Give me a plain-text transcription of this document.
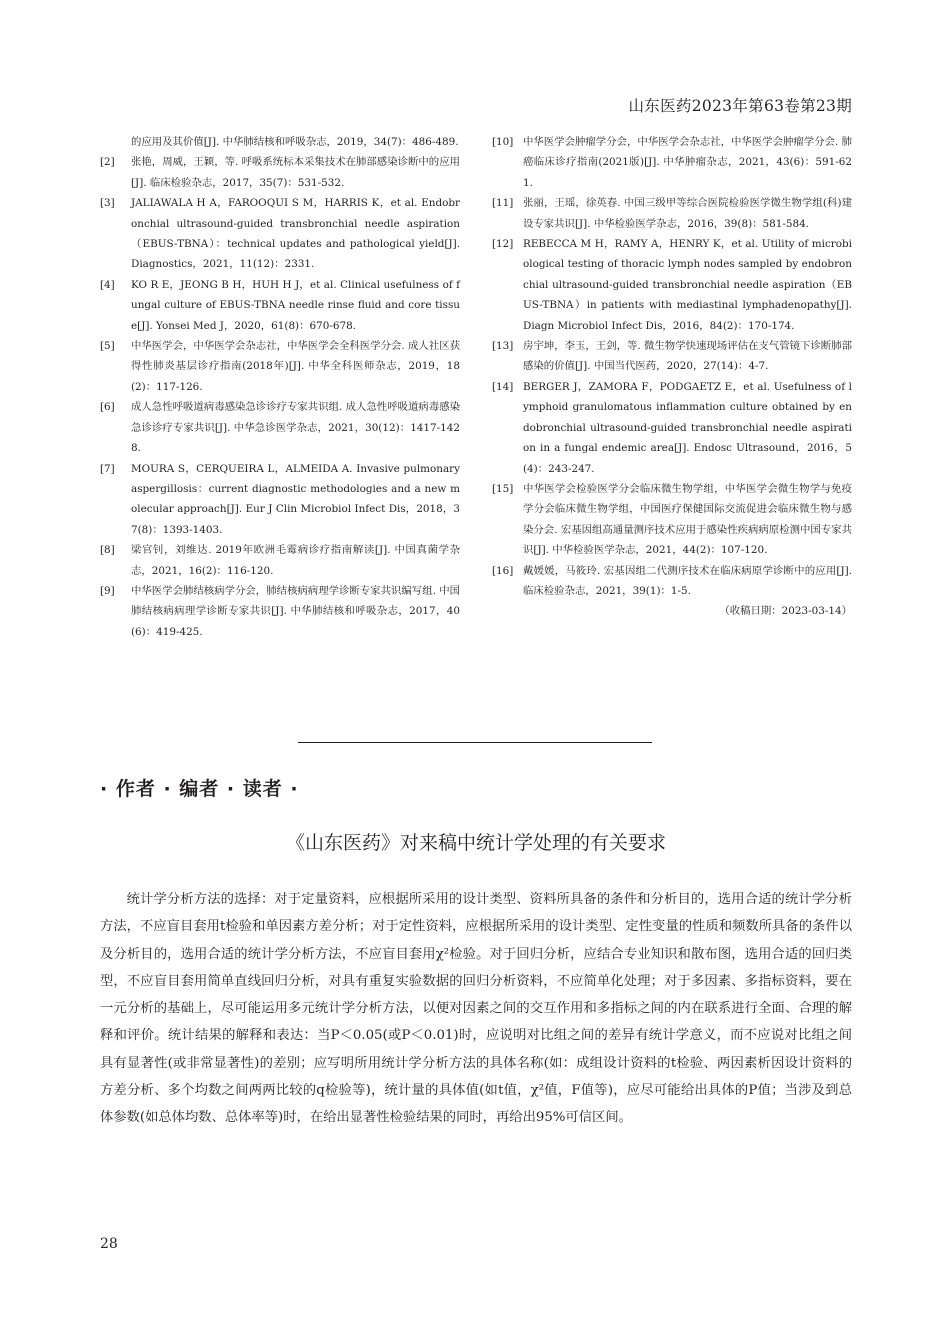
山东医药2023年第63卷第23期
的应用及其价值[J]. 中华肺结核和呼吸杂志，2019，34(7)：486-489.
[2]	张艳，周威，王颖，等. 呼吸系统标本采集技术在肺部感染诊断中的应用[J]. 临床检验杂志，2017，35(7)：531-532.
[3]	JALIAWALA H A，FAROOQUI S M，HARRIS K，et al. Endobronchial ultrasound-guided transbronchial needle aspiration（EBUS-TBNA）：technical updates and pathological yield[J]. Diagnostics，2021，11(12)：2331.
[4]	KO R E，JEONG B H，HUH H J，et al. Clinical usefulness of fungal culture of EBUS-TBNA needle rinse fluid and core tissue[J]. Yonsei Med J，2020，61(8)：670-678.
[5]	中华医学会，中华医学会杂志社，中华医学会全科医学分会. 成人社区获得性肺炎基层诊疗指南(2018年)[J]. 中华全科医师杂志，2019，18(2)：117-126.
[6]	成人急性呼吸道病毒感染急诊诊疗专家共识组. 成人急性呼吸道病毒感染急诊诊疗专家共识[J]. 中华急诊医学杂志，2021，30(12)：1417-1428.
[7]	MOURA S，CERQUEIRA L，ALMEIDA A. Invasive pulmonary aspergillosis：current diagnostic methodologies and a new molecular approach[J]. Eur J Clin Microbiol Infect Dis，2018，37(8)：1393-1403.
[8]	梁官钊，刘维达. 2019年欧洲毛霉病诊疗指南解读[J]. 中国真菌学杂志，2021，16(2)：116-120.
[9]	中华医学会肺结核病学分会，肺结核病病理学诊断专家共识编写组. 中国肺结核病病理学诊断专家共识[J]. 中华肺结核和呼吸杂志，2017，40(6)：419-425.
[10] 中华医学会肿瘤学分会，中华医学会杂志社，中华医学会肿瘤学分会. 肺癌临床诊疗指南(2021版)[J]. 中华肿瘤杂志，2021，43(6)：591-621.
[11] 张丽，王瑶，徐英春. 中国三级甲等综合医院检验医学微生物学组(科)建设专家共识[J]. 中华检验医学杂志，2016，39(8)：581-584.
[12] REBECCA M H，RAMY A，HENRY K，et al. Utility of microbiological testing of thoracic lymph nodes sampled by endobronchial ultrasound-guided transbronchial needle aspiration（EBUS-TBNA）in patients with mediastinal lymphadenopathy[J]. Diagn Microbiol Infect Dis，2016，84(2)：170-174.
[13] 房宇坤，李玉，王剑，等. 微生物学快速现场评估在支气管镜下诊断肺部感染的价值[J]. 中国当代医药，2020，27(14)：4-7.
[14] BERGER J，ZAMORA F，PODGAETZ E，et al. Usefulness of lymphoid granulomatous inflammation culture obtained by endobronchial ultrasound-guided transbronchial needle aspiration in a fungal endemic area[J]. Endosc Ultrasound，2016，5(4)：243-247.
[15] 中华医学会检验医学分会临床微生物学组，中华医学会微生物学与免疫学分会临床微生物学组，中国医疗保健国际交流促进会临床微生物与感染分会. 宏基因组高通量测序技术应用于感染性疾病病原检测中国专家共识[J]. 中华检验医学杂志，2021，44(2)：107-120.
[16] 戴媛媛，马筱玲. 宏基因组二代测序技术在临床病原学诊断中的应用[J]. 临床检验杂志，2021，39(1)：1-5.
（收稿日期：2023-03-14）
· 作者 · 编者 · 读者 ·
《山东医药》对来稿中统计学处理的有关要求
统计学分析方法的选择：对于定量资料，应根据所采用的设计类型、资料所具备的条件和分析目的，选用合适的统计学分析方法，不应盲目套用t检验和单因素方差分析；对于定性资料，应根据所采用的设计类型、定性变量的性质和频数所具备的条件以及分析目的，选用合适的统计学分析方法，不应盲目套用χ²检验。对于回归分析，应结合专业知识和散布图，选用合适的回归类型，不应盲目套用简单直线回归分析，对具有重复实验数据的回归分析资料，不应简单化处理；对于多因素、多指标资料，要在一元分析的基础上，尽可能运用多元统计学分析方法，以便对因素之间的交互作用和多指标之间的内在联系进行全面、合理的解释和评价。统计结果的解释和表达：当P＜0.05(或P＜0.01)时，应说明对比组之间的差异有统计学意义，而不应说对比组之间具有显著性(或非常显著性)的差别；应写明所用统计学分析方法的具体名称(如：成组设计资料的t检验、两因素析因设计资料的方差分析、多个均数之间两两比较的q检验等)，统计量的具体值(如t值，χ²值，F值等)，应尽可能给出具体的P值；当涉及到总体参数(如总体均数、总体率等)时，在给出显著性检验结果的同时，再给出95%可信区间。
28
